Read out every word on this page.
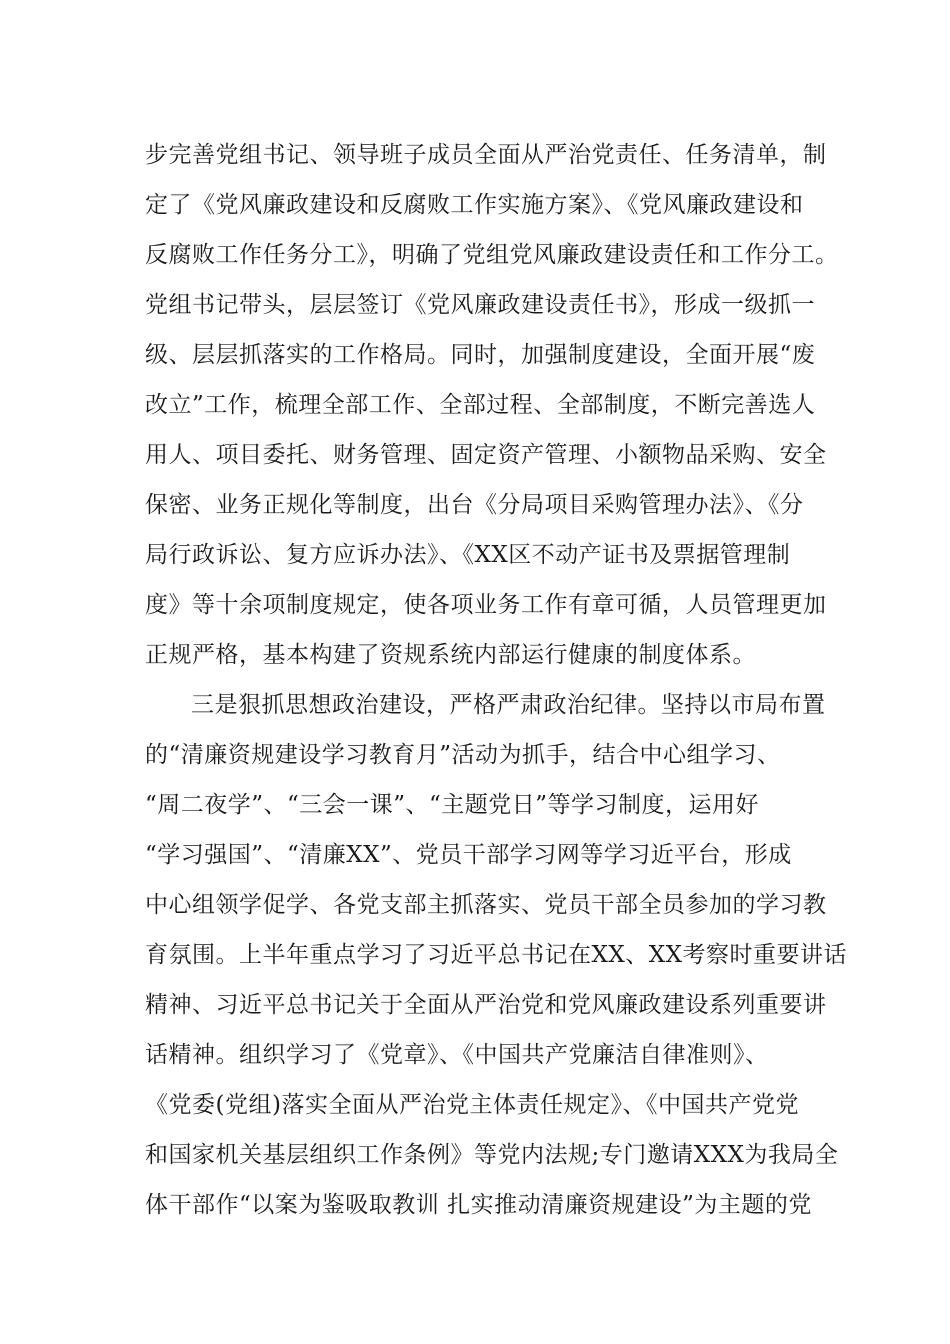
步完善党组书记、领导班子成员全面从严治党责任、任务清单，制
定了《党风廉政建设和反腐败工作实施方案》、《党风廉政建设和
反腐败工作任务分工》，明确了党组党风廉政建设责任和工作分工。
党组书记带头，层层签订《党风廉政建设责任书》，形成一级抓一
级、层层抓落实的工作格局。同时，加强制度建设，全面开展“废
改立”工作，梳理全部工作、全部过程、全部制度，不断完善选人
用人、项目委托、财务管理、固定资产管理、小额物品采购、安全
保密、业务正规化等制度，出台《分局项目采购管理办法》、《分
局行政诉讼、复方应诉办法》、《XX区不动产证书及票据管理制
度》等十余项制度规定，使各项业务工作有章可循，人员管理更加
正规严格，基本构建了资规系统内部运行健康的制度体系。
三是狠抓思想政治建设，严格严肃政治纪律。坚持以市局布置
的“清廉资规建设学习教育月”活动为抓手，结合中心组学习、
“周二夜学”、“三会一课”、“主题党日”等学习制度，运用好
“学习强国”、“清廉XX”、党员干部学习网等学习近平台，形成
中心组领学促学、各党支部主抓落实、党员干部全员参加的学习教
育氛围。上半年重点学习了习近平总书记在XX、XX考察时重要讲话
精神、习近平总书记关于全面从严治党和党风廉政建设系列重要讲
话精神。组织学习了《党章》、《中国共产党廉洁自律准则》、
《党委(党组)落实全面从严治党主体责任规定》、《中国共产党党
和国家机关基层组织工作条例》等党内法规;专门邀请XXX为我局全
体干部作“以案为鉴吸取教训 扎实推动清廉资规建设”为主题的党
